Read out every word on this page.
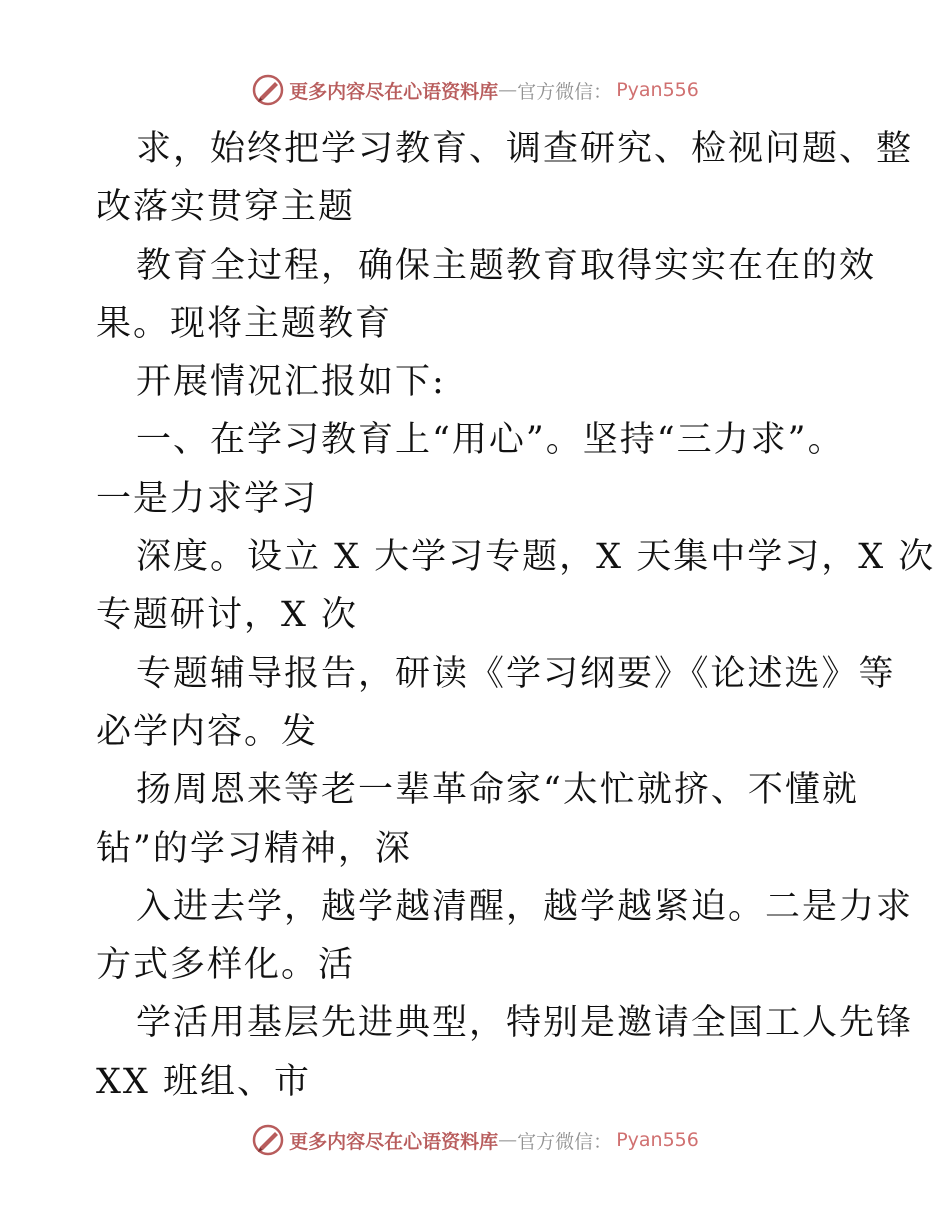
更多内容尽在心语资料库 — 官方微信： Pyan556
求，始终把学习教育、调查研究、检视问题、整
改落实贯穿主题
教育全过程，确保主题教育取得实实在在的效
果。现将主题教育
开展情况汇报如下:
一、在学习教育上“用心”。坚持“三力求”。
一是力求学习
深度。设立 X 大学习专题，X 天集中学习，X 次
专题研讨，X 次
专题辅导报告，研读《学习纲要》《论述选》等
必学内容。发
扬周恩来等老一辈革命家“太忙就挤、不懂就
钻”的学习精神，深
入进去学，越学越清醒，越学越紧迫。二是力求
方式多样化。活
学活用基层先进典型，特别是邀请全国工人先锋
XX 班组、市
更多内容尽在心语资料库 — 官方微信： Pyan556
